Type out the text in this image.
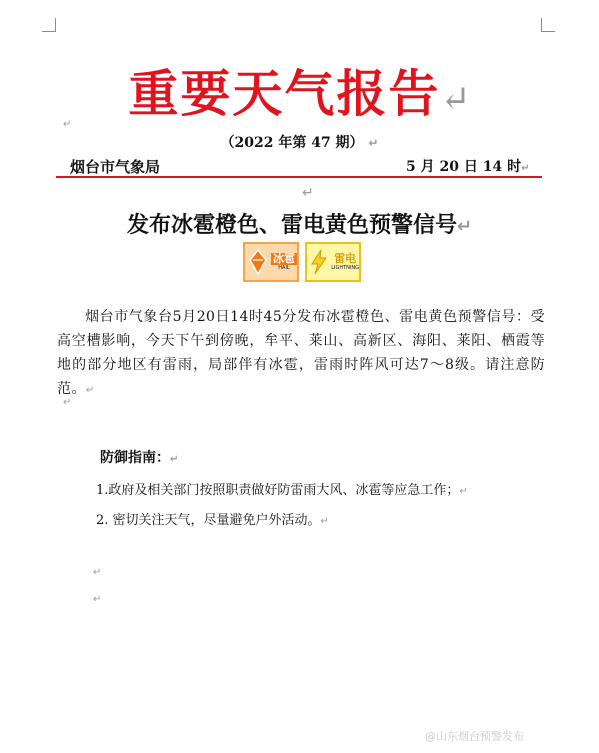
重要天气报告↵
↵
（2022 年第 47 期） ↵
烟台市气象局	5 月 20 日 14 时↵
↵
发布冰雹橙色、雷电黄色预警信号↵
冰雹
HAIL
雷电
LIGHTNING
烟台市气象台5月20日14时45分发布冰雹橙色、雷电黄色预警信号：受高空槽影响，今天下午到傍晚，牟平、莱山、高新区、海阳、莱阳、栖霞等地的部分地区有雷雨，局部伴有冰雹，雷雨时阵风可达7～8级。请注意防范。↵
↵
防御指南：↵
1.政府及相关部门按照职责做好防雷雨大风、冰雹等应急工作；↵
2. 密切关注天气，尽量避免户外活动。↵
↵
↵
@山东烟台预警发布
